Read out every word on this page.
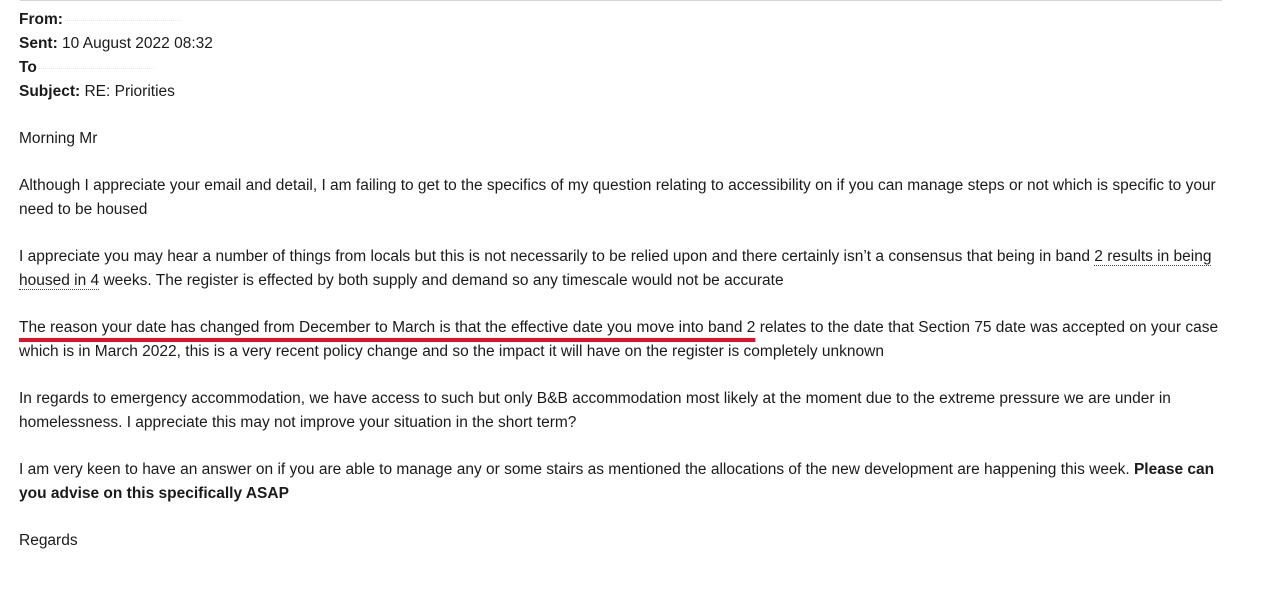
From:
Sent: 10 August 2022 08:32
To
Subject: RE: Priorities

Morning Mr

Although I appreciate your email and detail, I am failing to get to the specifics of my question relating to accessibility on if you can manage steps or not which is specific to your need to be housed

I appreciate you may hear a number of things from locals but this is not necessarily to be relied upon and there certainly isn’t a consensus that being in band 2 results in being housed in 4 weeks. The register is effected by both supply and demand so any timescale would not be accurate

The reason your date has changed from December to March is that the effective date you move into band 2 relates to the date that Section 75 date was accepted on your case which is in March 2022, this is a very recent policy change and so the impact it will have on the register is completely unknown

In regards to emergency accommodation, we have access to such but only B&B accommodation most likely at the moment due to the extreme pressure we are under in homelessness. I appreciate this may not improve your situation in the short term?

I am very keen to have an answer on if you are able to manage any or some stairs as mentioned the allocations of the new development are happening this week. Please can you advise on this specifically ASAP

Regards
